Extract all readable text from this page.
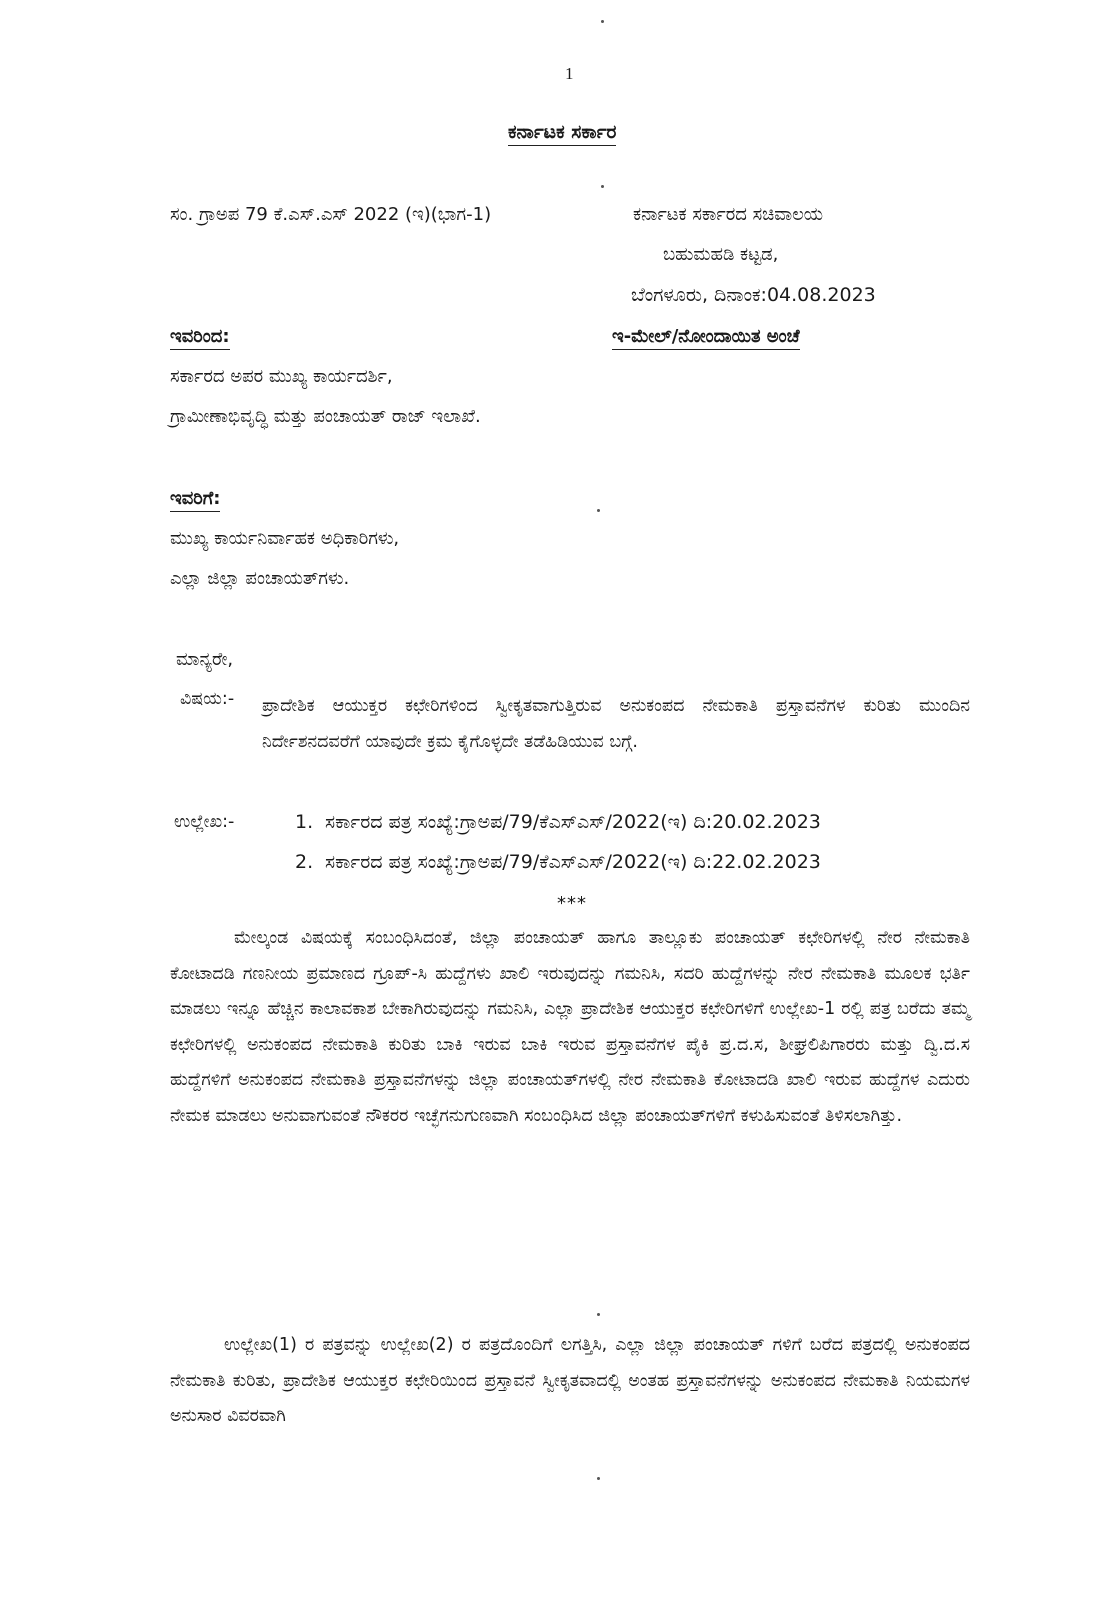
1
ಕರ್ನಾಟಕ ಸರ್ಕಾರ
ಸಂ. ಗ್ರಾಅಪ 79 ಕೆ.ಎಸ್.ಎಸ್ 2022 (ಇ)(ಭಾಗ-1)	ಕರ್ನಾಟಕ ಸರ್ಕಾರದ ಸಚಿವಾಲಯ
ಬಹುಮಹಡಿ ಕಟ್ಟಡ,
ಬೆಂಗಳೂರು, ದಿನಾಂಕ:04.08.2023
ಇವರಿಂದ:	ಇ-ಮೇಲ್/ನೋಂದಾಯಿತ ಅಂಚೆ
ಸರ್ಕಾರದ ಅಪರ ಮುಖ್ಯ ಕಾರ್ಯದರ್ಶಿ,
ಗ್ರಾಮೀಣಾಭಿವೃದ್ಧಿ ಮತ್ತು ಪಂಚಾಯತ್ ರಾಜ್ ಇಲಾಖೆ.
ಇವರಿಗೆ:
ಮುಖ್ಯ ಕಾರ್ಯನಿರ್ವಾಹಕ ಅಧಿಕಾರಿಗಳು,
ಎಲ್ಲಾ ಜಿಲ್ಲಾ ಪಂಚಾಯತ್‌ಗಳು.
ಮಾನ್ಯರೇ,
ವಿಷಯ:- ಪ್ರಾದೇಶಿಕ ಆಯುಕ್ತರ ಕಛೇರಿಗಳಿಂದ ಸ್ವೀಕೃತವಾಗುತ್ತಿರುವ ಅನುಕಂಪದ ನೇಮಕಾತಿ ಪ್ರಸ್ತಾವನೆಗಳ ಕುರಿತು ಮುಂದಿನ ನಿರ್ದೇಶನದವರೆಗೆ ಯಾವುದೇ ಕ್ರಮ ಕೈಗೊಳ್ಳದೇ ತಡೆಹಿಡಿಯುವ ಬಗ್ಗೆ.
ಉಲ್ಲೇಖ:-	1. ಸರ್ಕಾರದ ಪತ್ರ ಸಂಖ್ಯೆ:ಗ್ರಾಅಪ/79/ಕೆಎಸ್‌ಎಸ್/2022(ಇ) ದಿ:20.02.2023
2. ಸರ್ಕಾರದ ಪತ್ರ ಸಂಖ್ಯೆ:ಗ್ರಾಅಪ/79/ಕೆಎಸ್‌ಎಸ್/2022(ಇ) ದಿ:22.02.2023
***
ಮೇಲ್ಕಂಡ ವಿಷಯಕ್ಕೆ ಸಂಬಂಧಿಸಿದಂತೆ, ಜಿಲ್ಲಾ ಪಂಚಾಯತ್ ಹಾಗೂ ತಾಲ್ಲೂಕು ಪಂಚಾಯತ್ ಕಛೇರಿಗಳಲ್ಲಿ ನೇರ ನೇಮಕಾತಿ ಕೋಟಾದಡಿ ಗಣನೀಯ ಪ್ರಮಾಣದ ಗ್ರೂಪ್-ಸಿ ಹುದ್ದೆಗಳು ಖಾಲಿ ಇರುವುದನ್ನು ಗಮನಿಸಿ, ಸದರಿ ಹುದ್ದೆಗಳನ್ನು ನೇರ ನೇಮಕಾತಿ ಮೂಲಕ ಭರ್ತಿ ಮಾಡಲು ಇನ್ನೂ ಹೆಚ್ಚಿನ ಕಾಲಾವಕಾಶ ಬೇಕಾಗಿರುವುದನ್ನು ಗಮನಿಸಿ, ಎಲ್ಲಾ ಪ್ರಾದೇಶಿಕ ಆಯುಕ್ತರ ಕಛೇರಿಗಳಿಗೆ ಉಲ್ಲೇಖ-1 ರಲ್ಲಿ ಪತ್ರ ಬರೆದು ತಮ್ಮ ಕಛೇರಿಗಳಲ್ಲಿ ಅನುಕಂಪದ ನೇಮಕಾತಿ ಕುರಿತು ಬಾಕಿ ಇರುವ ಬಾಕಿ ಇರುವ ಪ್ರಸ್ತಾವನೆಗಳ ಪೈಕಿ ಪ್ರ.ದ.ಸ, ಶೀಘ್ರಲಿಪಿಗಾರರು ಮತ್ತು ದ್ವಿ.ದ.ಸ ಹುದ್ದೆಗಳಿಗೆ ಅನುಕಂಪದ ನೇಮಕಾತಿ ಪ್ರಸ್ತಾವನೆಗಳನ್ನು ಜಿಲ್ಲಾ ಪಂಚಾಯತ್‌ಗಳಲ್ಲಿ ನೇರ ನೇಮಕಾತಿ ಕೋಟಾದಡಿ ಖಾಲಿ ಇರುವ ಹುದ್ದೆಗಳ ಎದುರು ನೇಮಕ ಮಾಡಲು ಅನುವಾಗುವಂತೆ ನೌಕರರ ಇಚ್ಛೆಗನುಗುಣವಾಗಿ ಸಂಬಂಧಿಸಿದ ಜಿಲ್ಲಾ ಪಂಚಾಯತ್‌ಗಳಿಗೆ ಕಳುಹಿಸುವಂತೆ ತಿಳಿಸಲಾಗಿತ್ತು.
ಉಲ್ಲೇಖ(1) ರ ಪತ್ರವನ್ನು ಉಲ್ಲೇಖ(2) ರ ಪತ್ರದೊಂದಿಗೆ ಲಗತ್ತಿಸಿ, ಎಲ್ಲಾ ಜಿಲ್ಲಾ ಪಂಚಾಯತ್ ಗಳಿಗೆ ಬರೆದ ಪತ್ರದಲ್ಲಿ ಅನುಕಂಪದ ನೇಮಕಾತಿ ಕುರಿತು, ಪ್ರಾದೇಶಿಕ ಆಯುಕ್ತರ ಕಛೇರಿಯಿಂದ ಪ್ರಸ್ತಾವನೆ ಸ್ವೀಕೃತವಾದಲ್ಲಿ ಅಂತಹ ಪ್ರಸ್ತಾವನೆಗಳನ್ನು ಅನುಕಂಪದ ನೇಮಕಾತಿ ನಿಯಮಗಳ ಅನುಸಾರ ವಿವರವಾಗಿ
